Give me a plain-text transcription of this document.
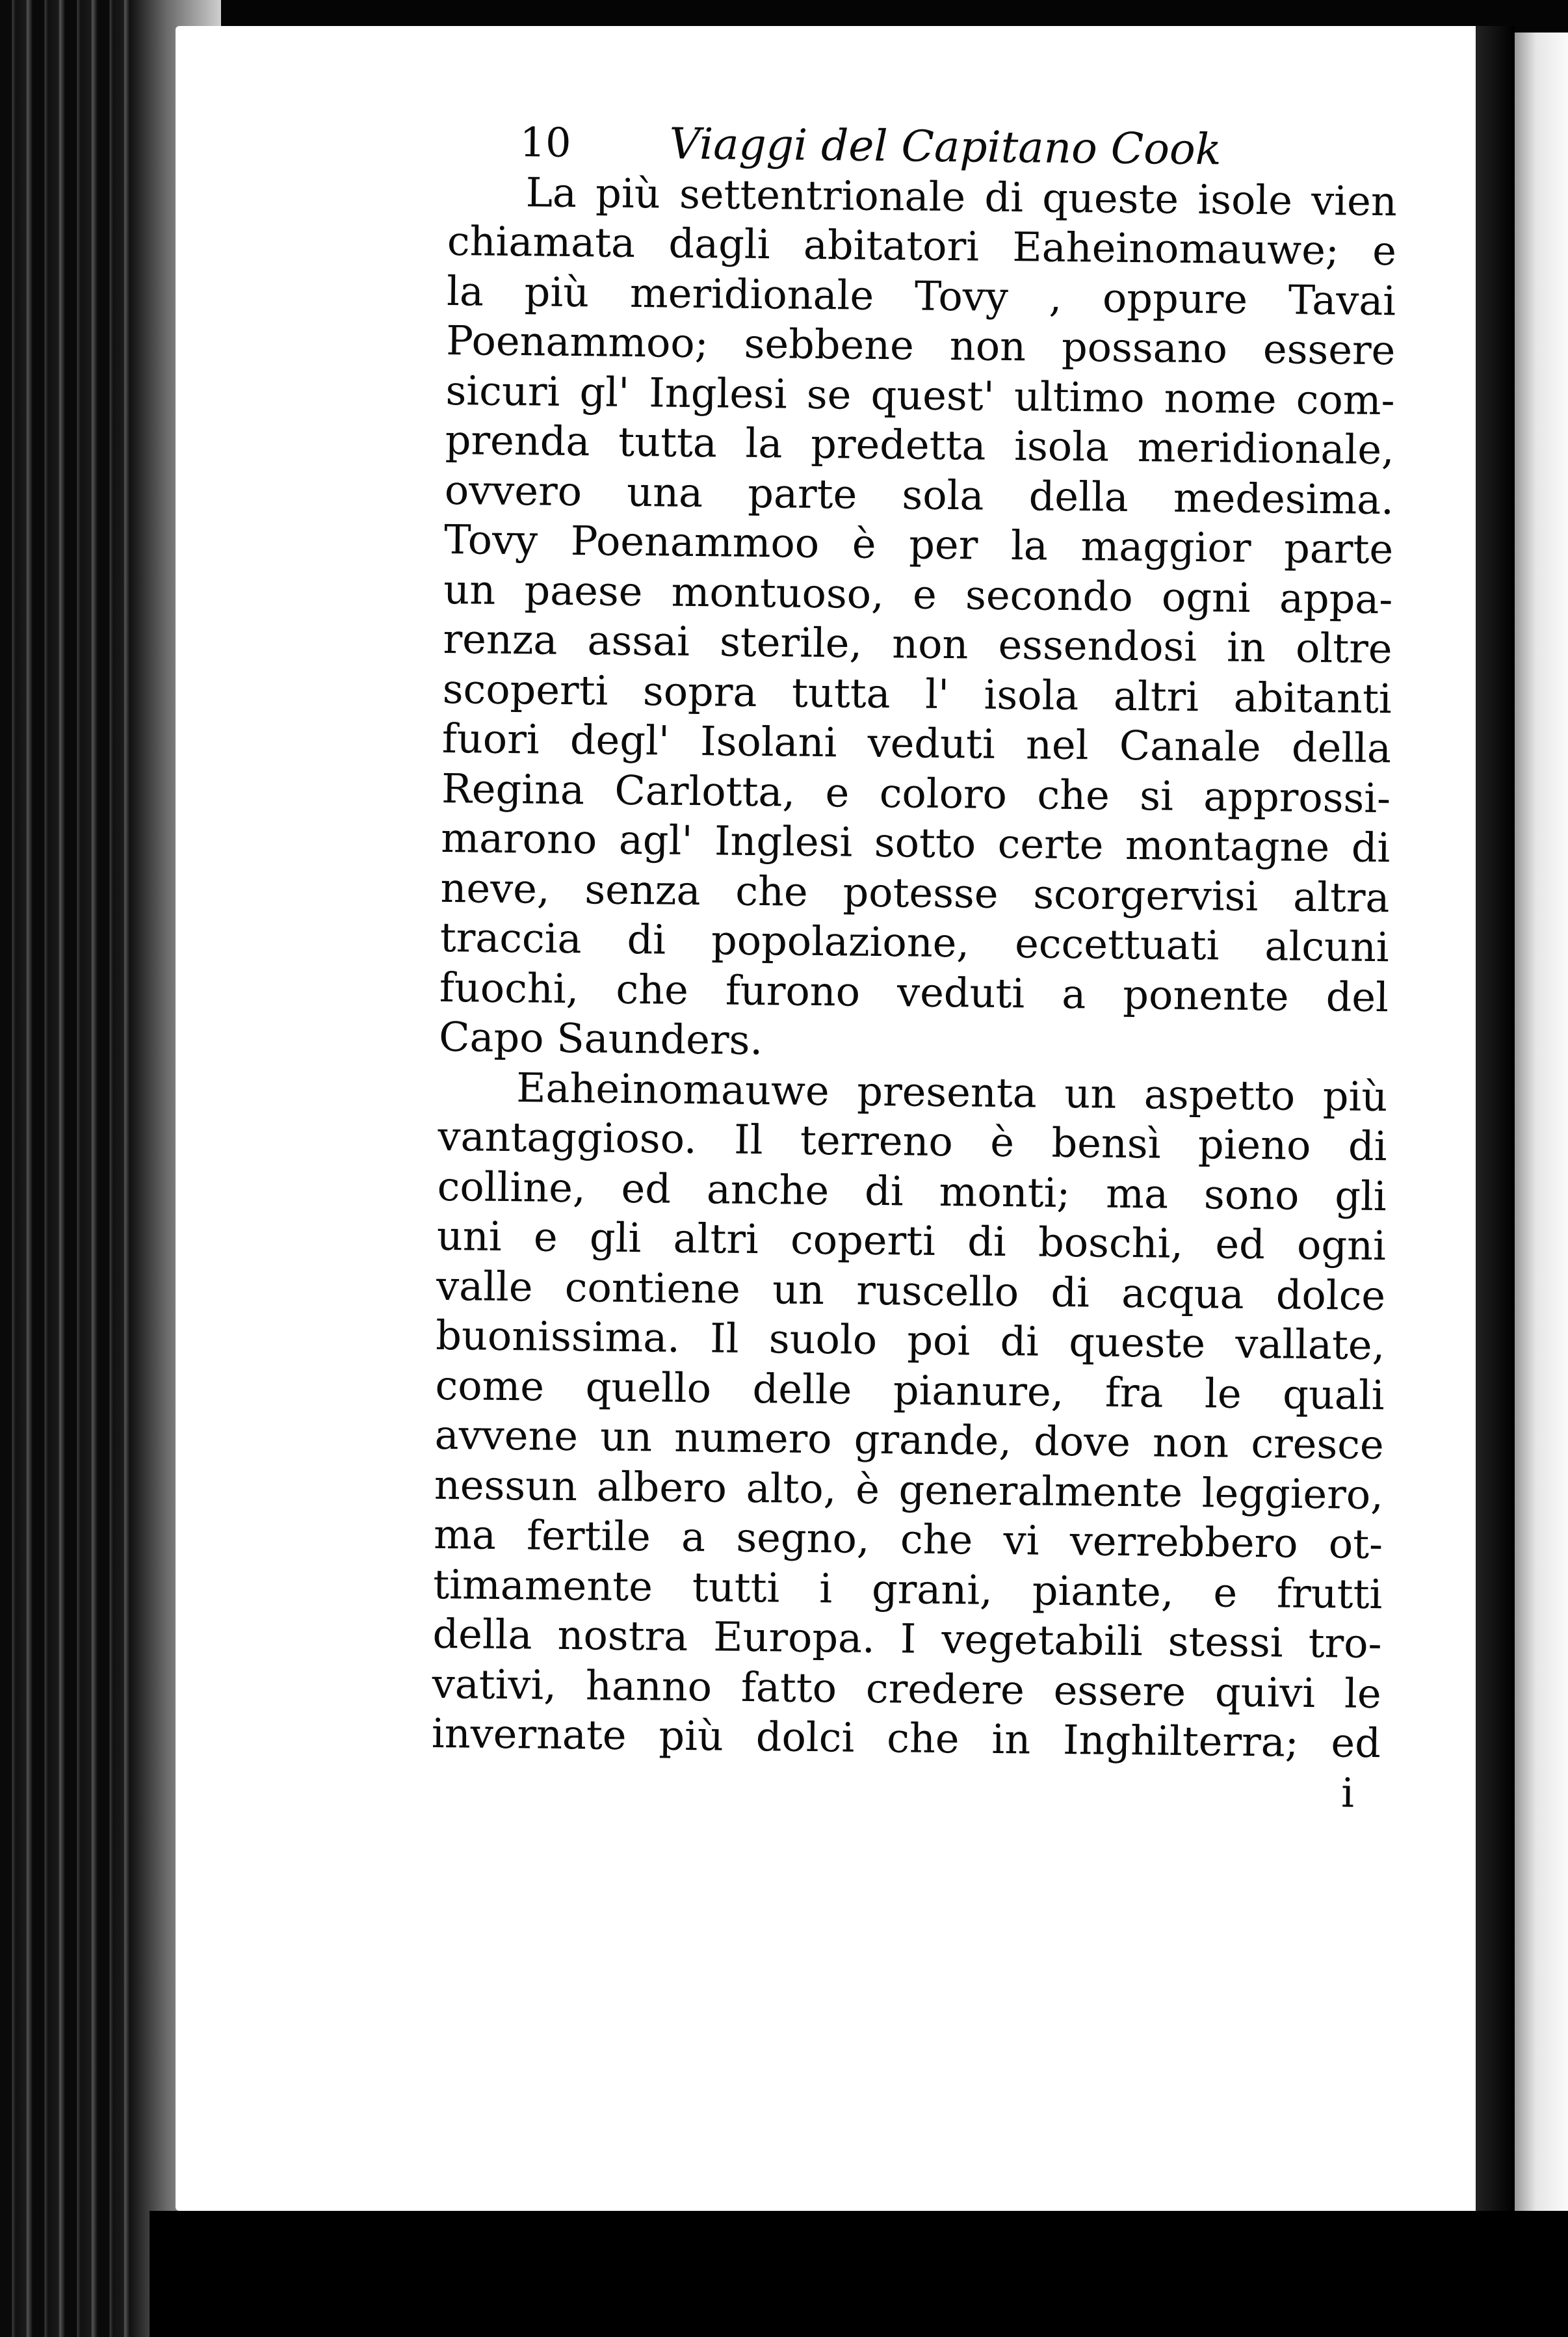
10 Viaggi del Capitano Cook
La più settentrionale di queste isole vien
chiamata dagli abitatori Eaheinomauwe; e
la più meridionale Tovy , oppure Tavai
Poenammoo; sebbene non possano essere
sicuri gl' Inglesi se quest' ultimo nome com-
prenda tutta la predetta isola meridionale,
ovvero una parte sola della medesima.
Tovy Poenammoo è per la maggior parte
un paese montuoso, e secondo ogni appa-
renza assai sterile, non essendosi in oltre
scoperti sopra tutta l' isola altri abitanti
fuori degl' Isolani veduti nel Canale della
Regina Carlotta, e coloro che si approssi-
marono agl' Inglesi sotto certe montagne di
neve, senza che potesse scorgervisi altra
traccia di popolazione, eccettuati alcuni
fuochi, che furono veduti a ponente del
Capo Saunders.
Eaheinomauwe presenta un aspetto più
vantaggioso. Il terreno è bensì pieno di
colline, ed anche di monti; ma sono gli
uni e gli altri coperti di boschi, ed ogni
valle contiene un ruscello di acqua dolce
buonissima. Il suolo poi di queste vallate,
come quello delle pianure, fra le quali
avvene un numero grande, dove non cresce
nessun albero alto, è generalmente leggiero,
ma fertile a segno, che vi verrebbero ot-
timamente tutti i grani, piante, e frutti
della nostra Europa. I vegetabili stessi tro-
vativi, hanno fatto credere essere quivi le
invernate più dolci che in Inghilterra; ed
i
